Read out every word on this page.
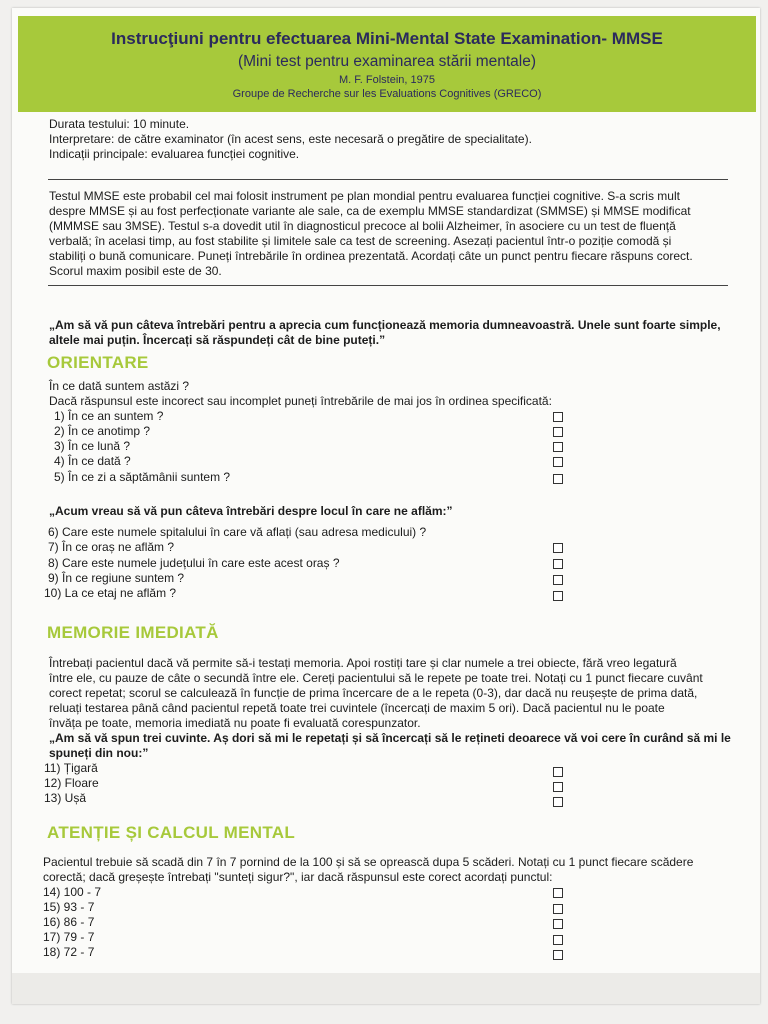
Instrucţiuni pentru efectuarea Mini-Mental State Examination- MMSE
(Mini test pentru examinarea stării mentale)
M. F. Folstein, 1975
Groupe de Recherche sur les Evaluations Cognitives (GRECO)
Durata testului: 10 minute.
Interpretare: de către examinator (în acest sens, este necesară o pregătire de specialitate).
Indicații principale: evaluarea funcției cognitive.
Testul MMSE este probabil cel mai folosit instrument pe plan mondial pentru evaluarea funcției cognitive. S-a scris mult
despre MMSE și au fost perfecționate variante ale sale, ca de exemplu MMSE standardizat (SMMSE) și MMSE modificat
(MMMSE sau 3MSE). Testul s-a dovedit util în diagnosticul precoce al bolii Alzheimer, în asociere cu un test de fluență
verbală; în acelasi timp, au fost stabilite și limitele sale ca test de screening. Asezați pacientul într-o poziție comodă și
stabiliți o bună comunicare. Puneți întrebările în ordinea prezentată. Acordați câte un punct pentru fiecare răspuns corect.
Scorul maxim posibil este de 30.
„Am să vă pun câteva întrebări pentru a aprecia cum funcționează memoria dumneavoastră. Unele sunt foarte simple,
altele mai puțin. Încercați să răspundeți cât de bine puteți.”
ORIENTARE
În ce dată suntem astăzi ?
Dacă răspunsul este incorect sau incomplet puneți întrebările de mai jos în ordinea specificată:
1) În ce an suntem ?
2) În ce anotimp ?
3) În ce lună ?
4) În ce dată ?
5) În ce zi a săptămânii suntem ?
„Acum vreau să vă pun câteva întrebări despre locul în care ne aflăm:”
6) Care este numele spitalului în care vă aflați (sau adresa medicului) ?
7) În ce oraș ne aflăm ?
8) Care este numele județului în care este acest oraș ?
9) În ce regiune suntem ?
10) La ce etaj ne aflăm ?
MEMORIE IMEDIATĂ
Întrebați pacientul dacă vă permite să-i testați memoria. Apoi rostiți tare și clar numele a trei obiecte, fără vreo legatură
între ele, cu pauze de câte o secundă între ele. Cereți pacientului să le repete pe toate trei. Notați cu 1 punct fiecare cuvânt
corect repetat; scorul se calculează în funcție de prima încercare de a le repeta (0-3), dar dacă nu reușește de prima dată,
reluați testarea până când pacientul repetă toate trei cuvintele (încercați de maxim 5 ori). Dacă pacientul nu le poate
învăța pe toate, memoria imediată nu poate fi evaluată corespunzator.
„Am să vă spun trei cuvinte. Aș dori să mi le repetați și să încercați să le rețineti deoarece vă voi cere în curând să mi le
spuneți din nou:”
11) Țigară
12) Floare
13) Ușă
ATENȚIE ȘI CALCUL MENTAL
Pacientul trebuie să scadă din 7 în 7 pornind de la 100 și să se oprească dupa 5 scăderi. Notați cu 1 punct fiecare scădere
corectă; dacă greșește întrebați "sunteți sigur?", iar dacă răspunsul este corect acordați punctul:
14) 100 - 7
15) 93 - 7
16) 86 - 7
17) 79 - 7
18) 72 - 7
